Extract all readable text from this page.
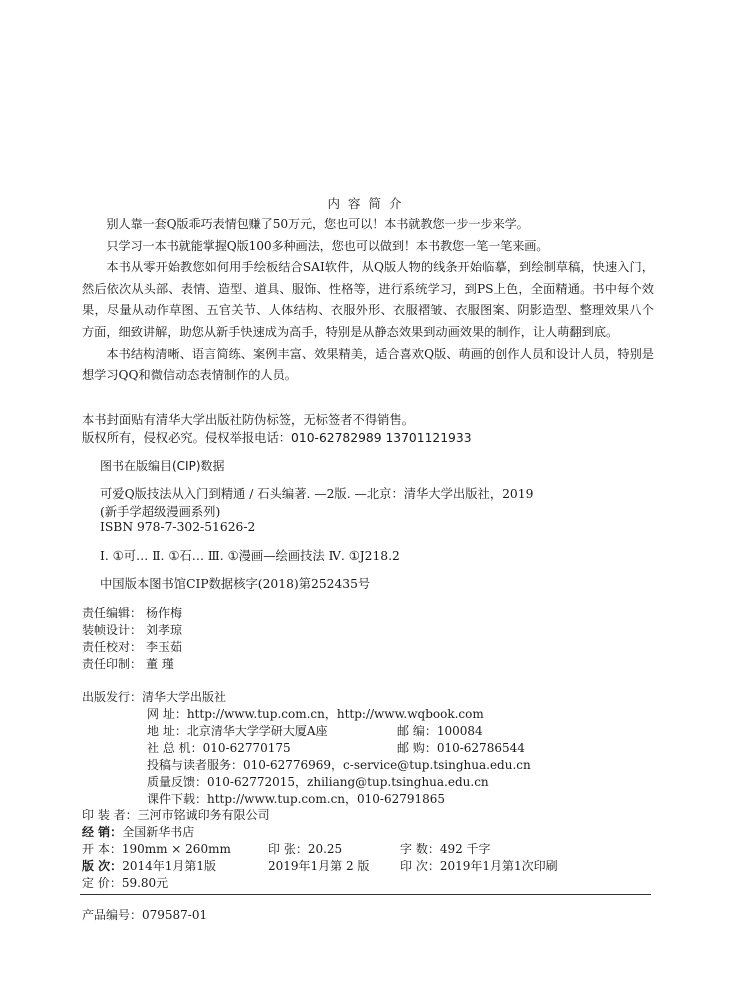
内 容 简 介

别人靠一套Q版乖巧表情包赚了50万元，您也可以！本书就教您一步一步来学。

只学习一本书就能掌握Q版100多种画法，您也可以做到！本书教您一笔一笔来画。

本书从零开始教您如何用手绘板结合SAI软件，从Q版人物的线条开始临摹，到绘制草稿，快速入门，然后依次从头部、表情、造型、道具、服饰、性格等，进行系统学习，到PS上色，全面精通。书中每个效果，尽量从动作草图、五官关节、人体结构、衣服外形、衣服褶皱、衣服图案、阴影造型、整理效果八个方面，细致讲解，助您从新手快速成为高手，特别是从静态效果到动画效果的制作，让人萌翻到底。

本书结构清晰、语言简练、案例丰富、效果精美，适合喜欢Q版、萌画的创作人员和设计人员，特别是想学习QQ和微信动态表情制作的人员。

本书封面贴有清华大学出版社防伪标签，无标签者不得销售。
版权所有，侵权必究。侵权举报电话：010-62782989 13701121933
图书在版编目(CIP)数据
可爱Q版技法从入门到精通 / 石头编著. —2版. —北京：清华大学出版社，2019
(新手学超级漫画系列)
ISBN 978-7-302-51626-2
Ⅰ. ①可… Ⅱ. ①石… Ⅲ. ①漫画—绘画技法 Ⅳ. ①J218.2
中国版本图书馆CIP数据核字(2018)第252435号
责任编辑： 杨作梅
装帧设计： 刘孝琼
责任校对： 李玉茹
责任印制： 董 瑾
出版发行：清华大学出版社
网 址：http://www.tup.com.cn，http://www.wqbook.com
地 址：北京清华大学学研大厦A座	邮 编：100084
社 总 机：010-62770175	邮 购：010-62786544
投稿与读者服务：010-62776969，c-service@tup.tsinghua.edu.cn
质量反馈：010-62772015，zhiliang@tup.tsinghua.edu.cn
课件下载：http://www.tup.com.cn，010-62791865
印 装 者：三河市铭诚印务有限公司
经 销：全国新华书店
开 本：190mm × 260mm	印 张：20.25	字 数：492 千字
版 次：2014年1月第1版	2019年1月第 2 版	印 次：2019年1月第1次印刷
定 价：59.80元
产品编号：079587-01
